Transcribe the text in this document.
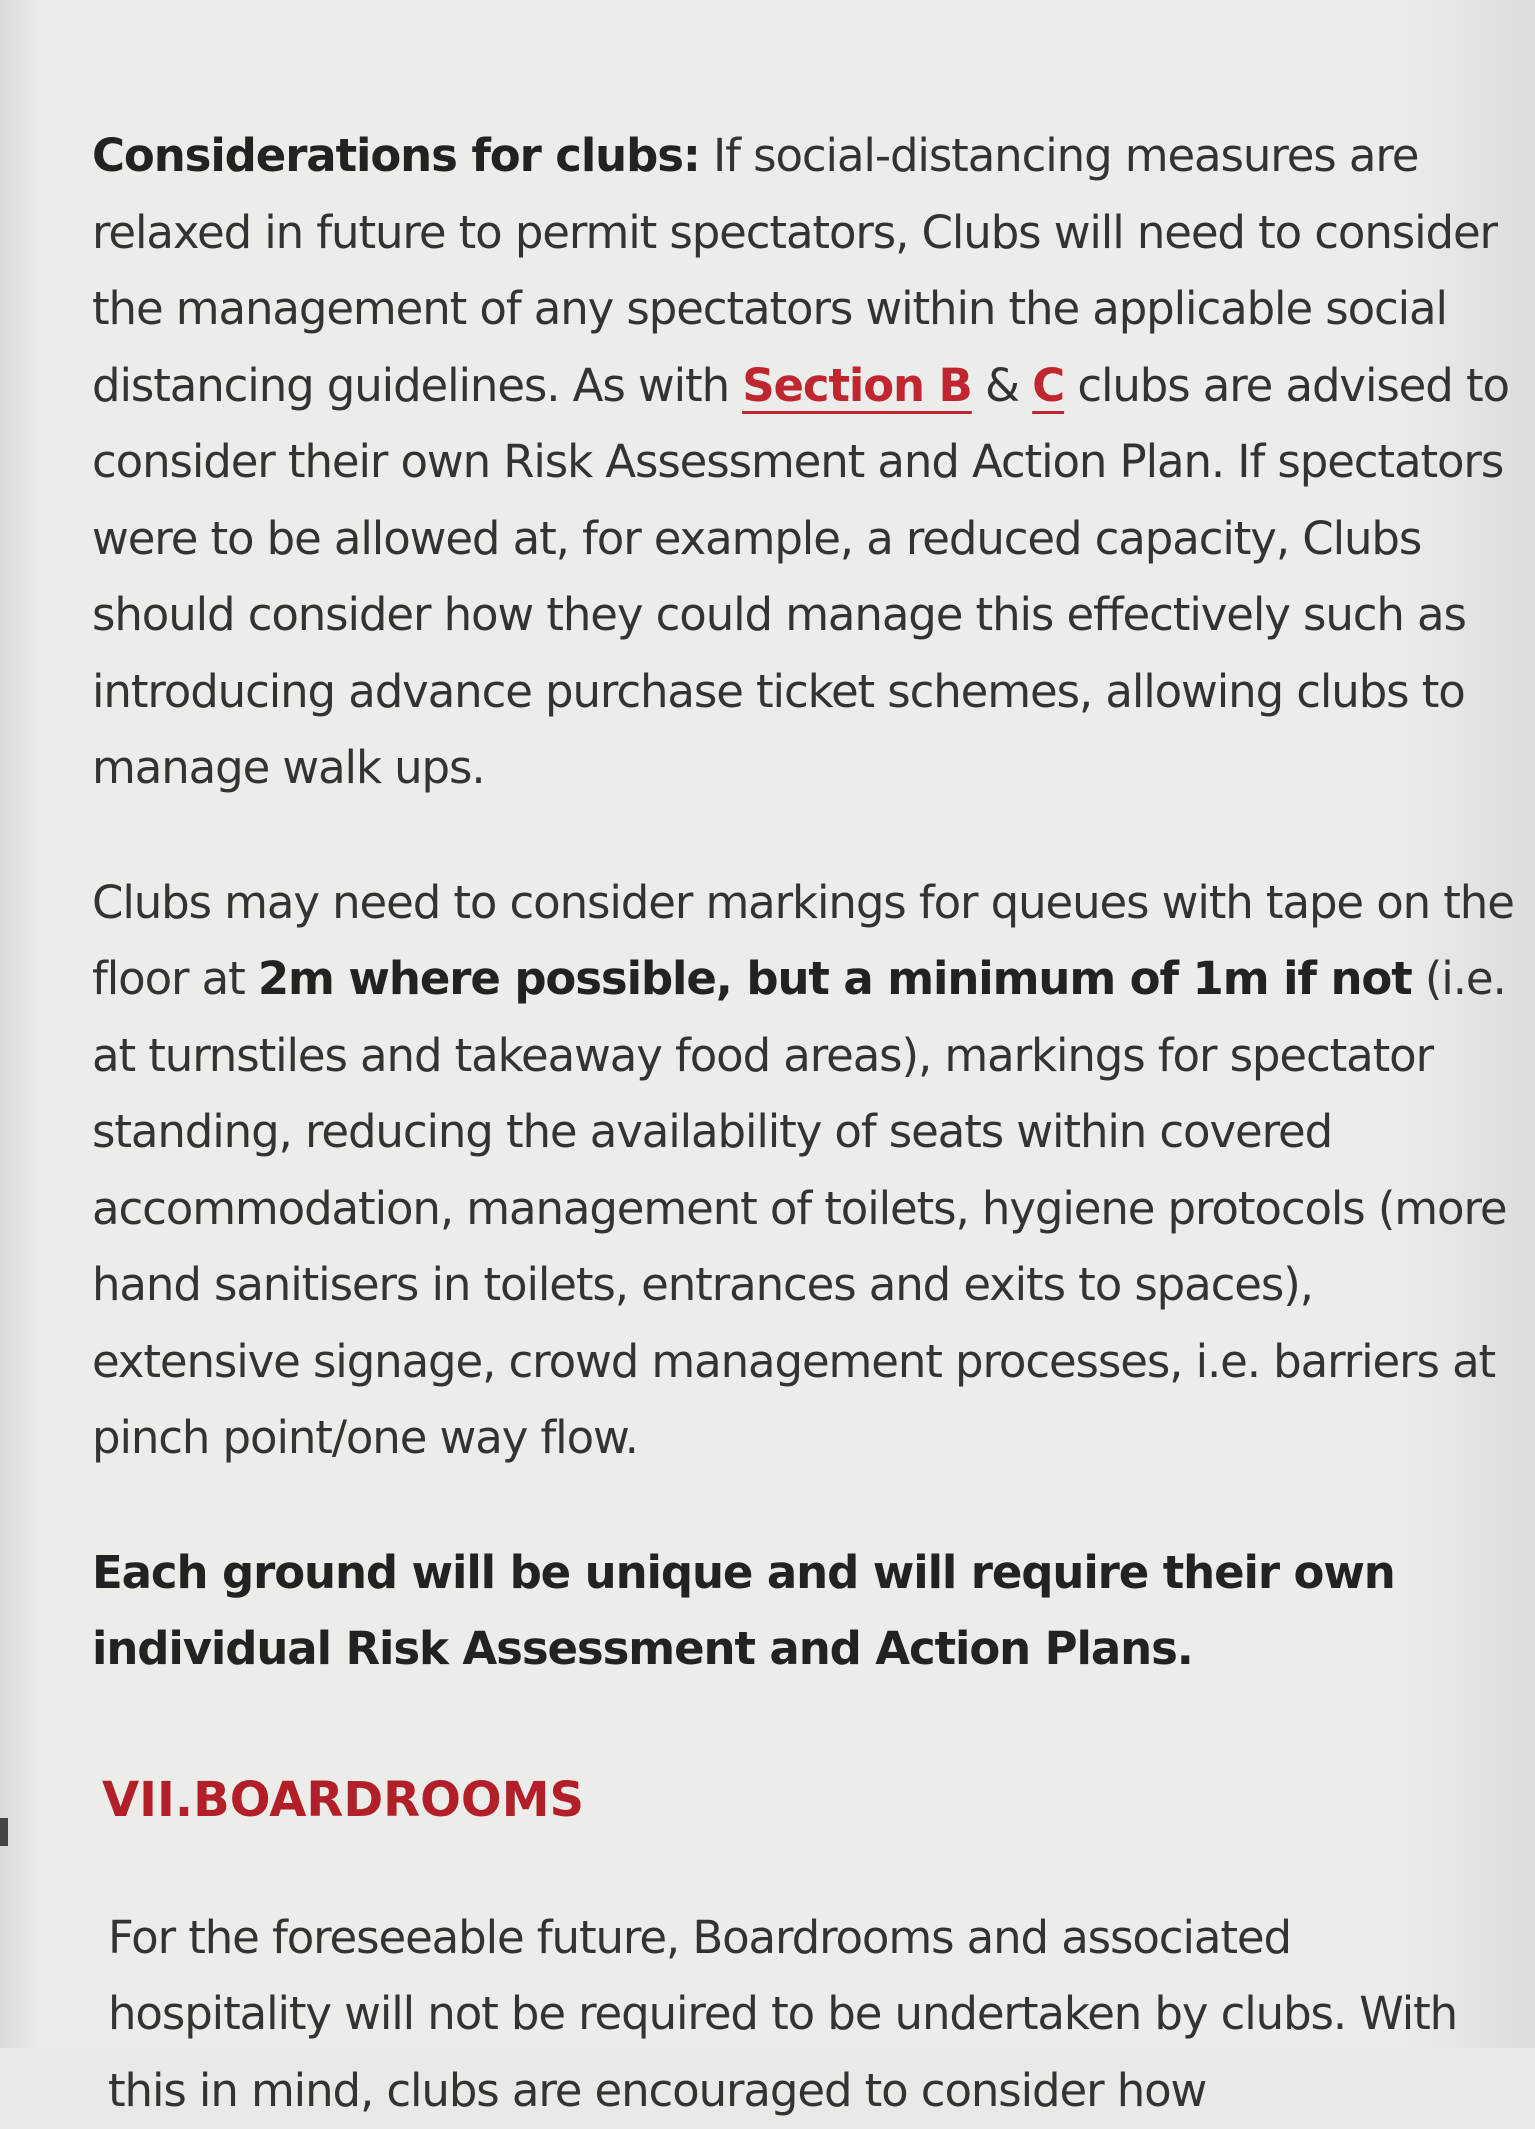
Considerations for clubs: If social-distancing measures are relaxed in future to permit spectators, Clubs will need to consider the management of any spectators within the applicable social distancing guidelines. As with Section B & C clubs are advised to consider their own Risk Assessment and Action Plan. If spectators were to be allowed at, for example, a reduced capacity, Clubs should consider how they could manage this effectively such as introducing advance purchase ticket schemes, allowing clubs to manage walk ups.

Clubs may need to consider markings for queues with tape on the floor at 2m where possible, but a minimum of 1m if not (i.e. at turnstiles and takeaway food areas), markings for spectator standing, reducing the availability of seats within covered accommodation, management of toilets, hygiene protocols (more hand sanitisers in toilets, entrances and exits to spaces), extensive signage, crowd management processes, i.e. barriers at pinch point/one way flow.

Each ground will be unique and will require their own individual Risk Assessment and Action Plans.

VII.BOARDROOMS

For the foreseeable future, Boardrooms and associated hospitality will not be required to be undertaken by clubs. With this in mind, clubs are encouraged to consider how
